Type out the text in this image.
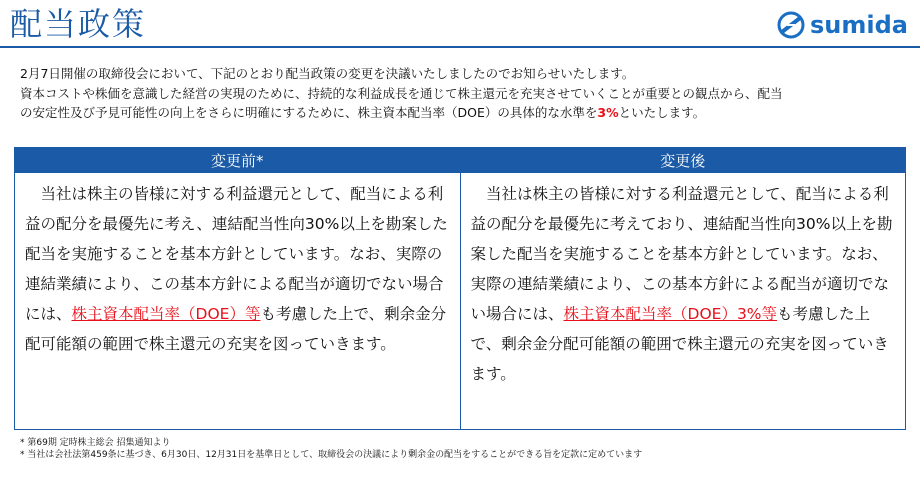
配当政策	sumida
2月7日開催の取締役会において、下記のとおり配当政策の変更を決議いたしましたのでお知らせいたします。
資本コストや株価を意識した経営の実現のために、持続的な利益成長を通じて株主還元を充実させていくことが重要との観点から、配当
の安定性及び予見可能性の向上をさらに明確にするために、株主資本配当率（DOE）の具体的な水準を3%といたします。
変更前*	変更後
　当社は株主の皆様に対する利益還元として、配当による利益の配分を最優先に考え、連結配当性向30%以上を勘案した配当を実施することを基本方針としています。なお、実際の連結業績により、この基本方針による配当が適切でない場合には、株主資本配当率（DOE）等も考慮した上で、剰余金分配可能額の範囲で株主還元の充実を図っていきます。	　当社は株主の皆様に対する利益還元として、配当による利益の配分を最優先に考えており、連結配当性向30%以上を勘案した配当を実施することを基本方針としています。なお、実際の連結業績により、この基本方針による配当が適切でない場合には、株主資本配当率（DOE）3%等も考慮した上で、剰余金分配可能額の範囲で株主還元の充実を図っていきます。
* 第69期 定時株主総会 招集通知より
* 当社は会社法第459条に基づき、6月30日、12月31日を基準日として、取締役会の決議により剰余金の配当をすることができる旨を定款に定めています
